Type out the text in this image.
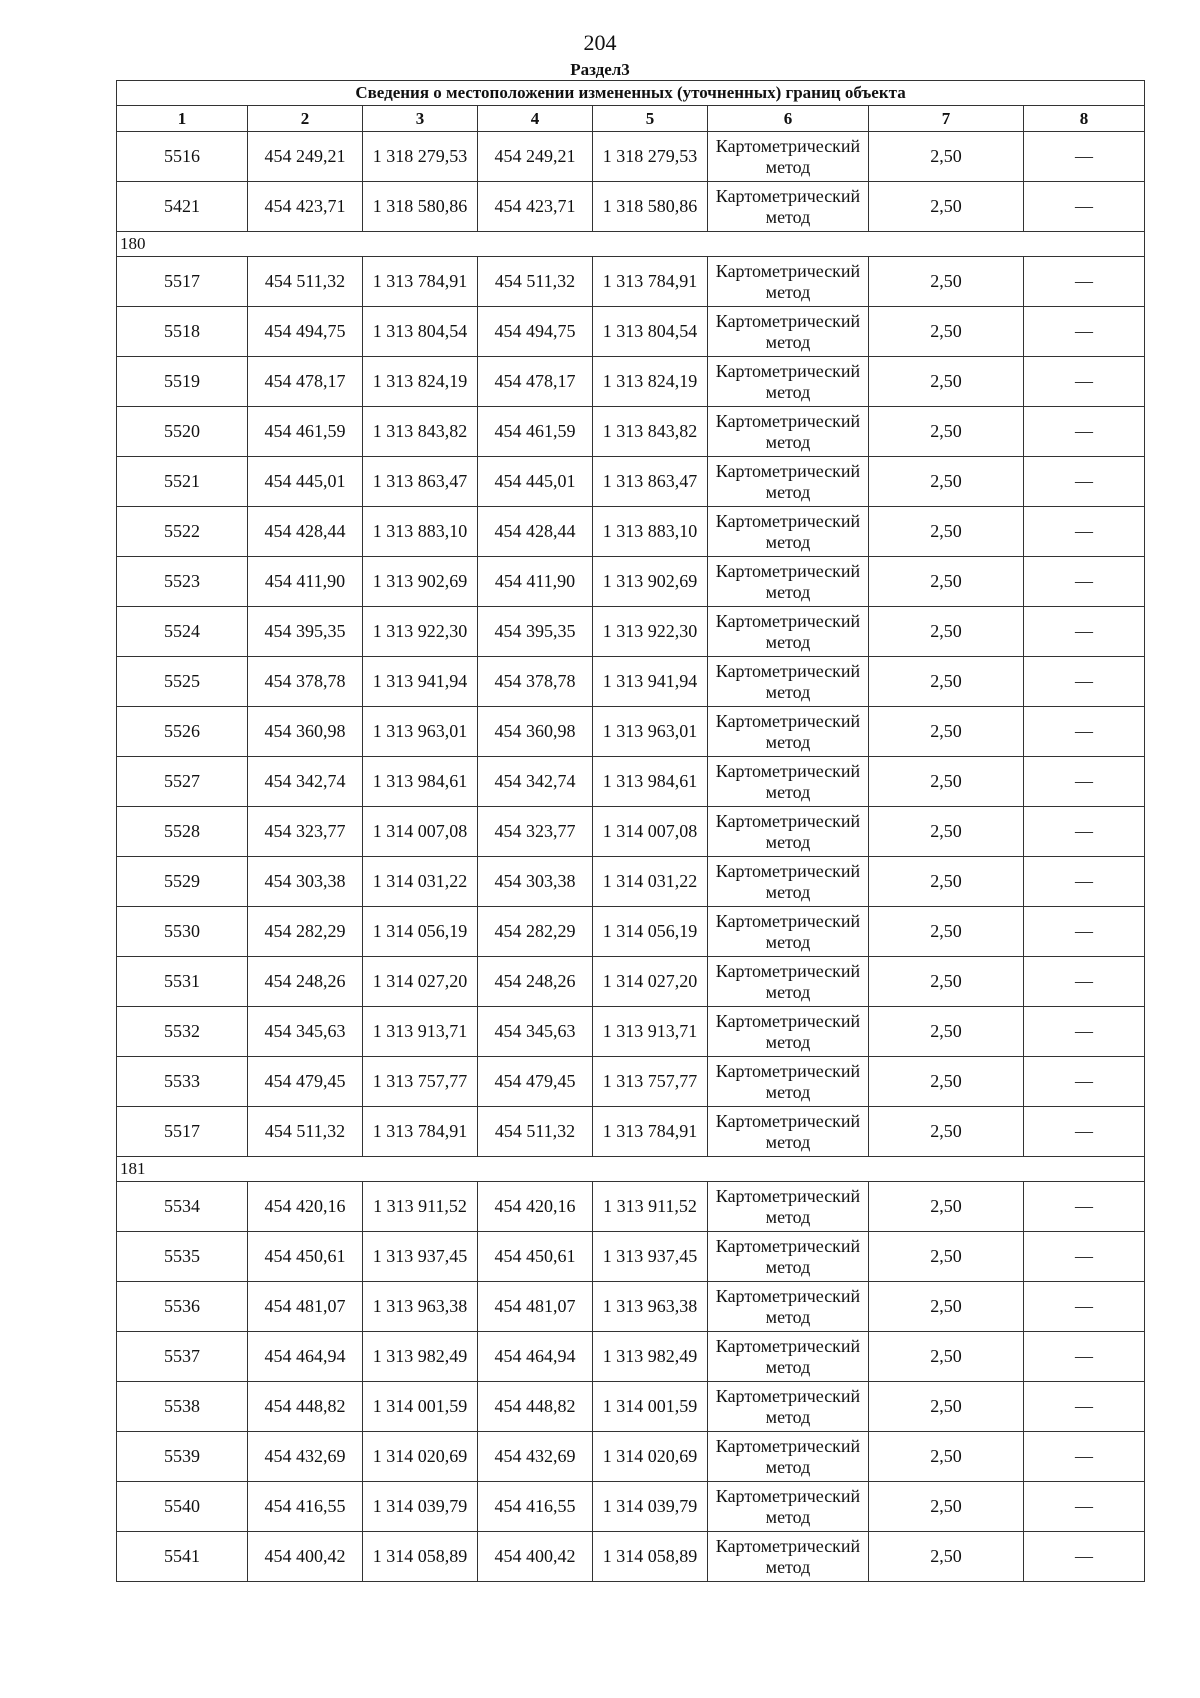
204
Раздел3
Сведения о местоположении измененных (уточненных) границ объекта							
1	2	3	4	5	6	7	8
5516	454 249,21	1 318 279,53	454 249,21	1 318 279,53	Картометрический метод	2,50	—
5421	454 423,71	1 318 580,86	454 423,71	1 318 580,86	Картометрический метод	2,50	—
180							
5517	454 511,32	1 313 784,91	454 511,32	1 313 784,91	Картометрический метод	2,50	—
5518	454 494,75	1 313 804,54	454 494,75	1 313 804,54	Картометрический метод	2,50	—
5519	454 478,17	1 313 824,19	454 478,17	1 313 824,19	Картометрический метод	2,50	—
5520	454 461,59	1 313 843,82	454 461,59	1 313 843,82	Картометрический метод	2,50	—
5521	454 445,01	1 313 863,47	454 445,01	1 313 863,47	Картометрический метод	2,50	—
5522	454 428,44	1 313 883,10	454 428,44	1 313 883,10	Картометрический метод	2,50	—
5523	454 411,90	1 313 902,69	454 411,90	1 313 902,69	Картометрический метод	2,50	—
5524	454 395,35	1 313 922,30	454 395,35	1 313 922,30	Картометрический метод	2,50	—
5525	454 378,78	1 313 941,94	454 378,78	1 313 941,94	Картометрический метод	2,50	—
5526	454 360,98	1 313 963,01	454 360,98	1 313 963,01	Картометрический метод	2,50	—
5527	454 342,74	1 313 984,61	454 342,74	1 313 984,61	Картометрический метод	2,50	—
5528	454 323,77	1 314 007,08	454 323,77	1 314 007,08	Картометрический метод	2,50	—
5529	454 303,38	1 314 031,22	454 303,38	1 314 031,22	Картометрический метод	2,50	—
5530	454 282,29	1 314 056,19	454 282,29	1 314 056,19	Картометрический метод	2,50	—
5531	454 248,26	1 314 027,20	454 248,26	1 314 027,20	Картометрический метод	2,50	—
5532	454 345,63	1 313 913,71	454 345,63	1 313 913,71	Картометрический метод	2,50	—
5533	454 479,45	1 313 757,77	454 479,45	1 313 757,77	Картометрический метод	2,50	—
5517	454 511,32	1 313 784,91	454 511,32	1 313 784,91	Картометрический метод	2,50	—
181							
5534	454 420,16	1 313 911,52	454 420,16	1 313 911,52	Картометрический метод	2,50	—
5535	454 450,61	1 313 937,45	454 450,61	1 313 937,45	Картометрический метод	2,50	—
5536	454 481,07	1 313 963,38	454 481,07	1 313 963,38	Картометрический метод	2,50	—
5537	454 464,94	1 313 982,49	454 464,94	1 313 982,49	Картометрический метод	2,50	—
5538	454 448,82	1 314 001,59	454 448,82	1 314 001,59	Картометрический метод	2,50	—
5539	454 432,69	1 314 020,69	454 432,69	1 314 020,69	Картометрический метод	2,50	—
5540	454 416,55	1 314 039,79	454 416,55	1 314 039,79	Картометрический метод	2,50	—
5541	454 400,42	1 314 058,89	454 400,42	1 314 058,89	Картометрический метод	2,50	—
